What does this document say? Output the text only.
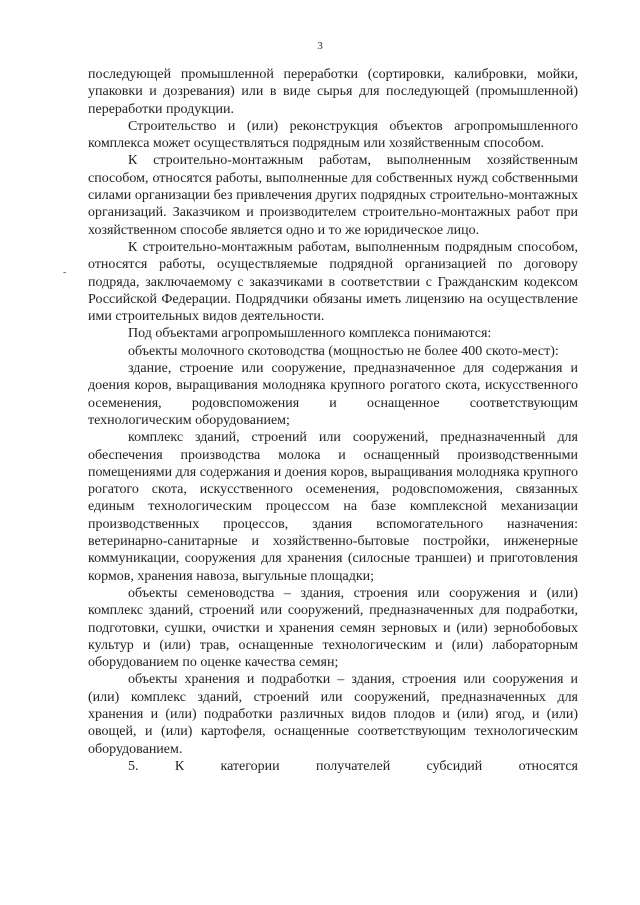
3
-

последующей промышленной переработки (сортировки, калибровки, мойки, упаковки и дозревания) или в виде сырья для последующей (промышленной) переработки продукции.

Строительство и (или) реконструкция объектов агропромышленного комплекса может осуществляться подрядным или хозяйственным способом.

К строительно-монтажным работам, выполненным хозяйственным способом, относятся работы, выполненные для собственных нужд собственными силами организации без привлечения других подрядных строительно-монтажных организаций. Заказчиком и производителем строительно-монтажных работ при хозяйственном способе является одно и то же юридическое лицо.

К строительно-монтажным работам, выполненным подрядным способом, относятся работы, осуществляемые подрядной организацией по договору подряда, заключаемому с заказчиками в соответствии с Гражданским кодексом Российской Федерации. Подрядчики обязаны иметь лицензию на осуществление ими строительных видов деятельности.

Под объектами агропромышленного комплекса понимаются:

объекты молочного скотоводства (мощностью не более 400 ското-мест):

здание, строение или сооружение, предназначенное для содержания и доения коров, выращивания молодняка крупного рогатого скота, искусственного осеменения, родовспоможения и оснащенное соответствующим технологическим оборудованием;

комплекс зданий, строений или сооружений, предназначенный для обеспечения производства молока и оснащенный производственными помещениями для содержания и доения коров, выращивания молодняка крупного рогатого скота, искусственного осеменения, родовспоможения, связанных единым технологическим процессом на базе комплексной механизации производственных процессов, здания вспомогательного назначения: ветеринарно-санитарные и хозяйственно-бытовые постройки, инженерные коммуникации, сооружения для хранения (силосные траншеи) и приготовления кормов, хранения навоза, выгульные площадки;

объекты семеноводства – здания, строения или сооружения и (или) комплекс зданий, строений или сооружений, предназначенных для подработки, подготовки, сушки, очистки и хранения семян зерновых и (или) зернобобовых культур и (или) трав, оснащенные технологическим и (или) лабораторным оборудованием по оценке качества семян;

объекты хранения и подработки – здания, строения или сооружения и (или) комплекс зданий, строений или сооружений, предназначенных для хранения и (или) подработки различных видов плодов и (или) ягод, и (или) овощей, и (или) картофеля, оснащенные соответствующим технологическим оборудованием.

5. К категории получателей субсидий относятся
